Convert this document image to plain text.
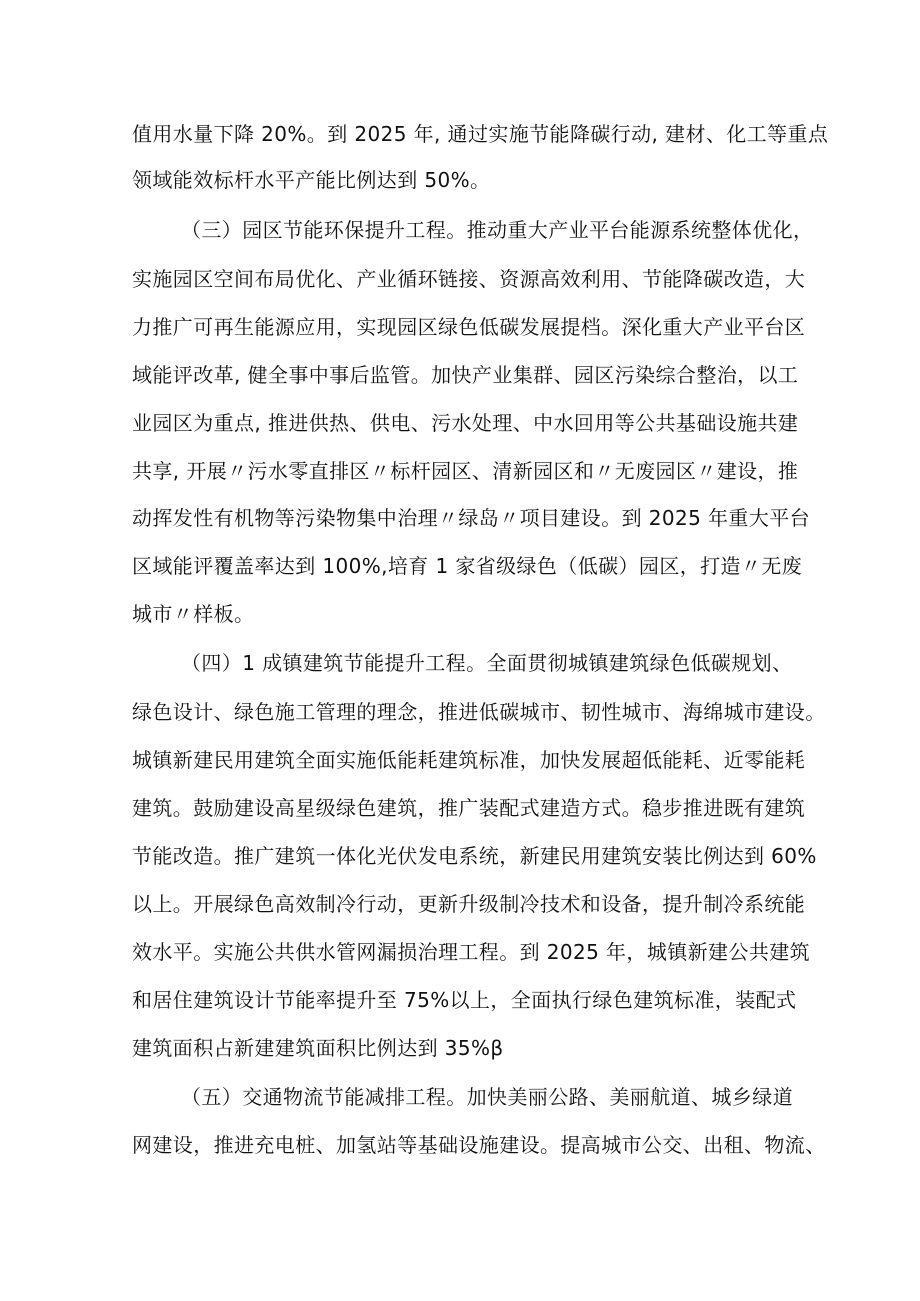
值用水量下降 20%。到 2025 年, 通过实施节能降碳行动, 建材、化工等重点
领域能效标杆水平产能比例达到 50%。
（三）园区节能环保提升工程。推动重大产业平台能源系统整体优化，
实施园区空间布局优化、产业循环链接、资源高效利用、节能降碳改造，大
力推广可再生能源应用，实现园区绿色低碳发展提档。深化重大产业平台区
域能评改革, 健全事中事后监管。加快产业集群、园区污染综合整治，以工
业园区为重点, 推进供热、供电、污水处理、中水回用等公共基础设施共建
共享, 开展〃污水零直排区〃标杆园区、清新园区和〃无废园区〃建设，推
动挥发性有机物等污染物集中治理〃绿岛〃项目建设。到 2025 年重大平台
区域能评覆盖率达到 100%,培育 1 家省级绿色（低碳）园区，打造〃无废
城市〃样板。
（四）1 成镇建筑节能提升工程。全面贯彻城镇建筑绿色低碳规划、
绿色设计、绿色施工管理的理念，推进低碳城市、韧性城市、海绵城市建设。
城镇新建民用建筑全面实施低能耗建筑标准，加快发展超低能耗、近零能耗
建筑。鼓励建设高星级绿色建筑，推广装配式建造方式。稳步推进既有建筑
节能改造。推广建筑一体化光伏发电系统，新建民用建筑安装比例达到 60%
以上。开展绿色高效制冷行动，更新升级制冷技术和设备，提升制冷系统能
效水平。实施公共供水管网漏损治理工程。到 2025 年，城镇新建公共建筑
和居住建筑设计节能率提升至 75%以上，全面执行绿色建筑标准，装配式
建筑面积占新建建筑面积比例达到 35%β
（五）交通物流节能减排工程。加快美丽公路、美丽航道、城乡绿道
网建设，推进充电桩、加氢站等基础设施建设。提高城市公交、出租、物流、
